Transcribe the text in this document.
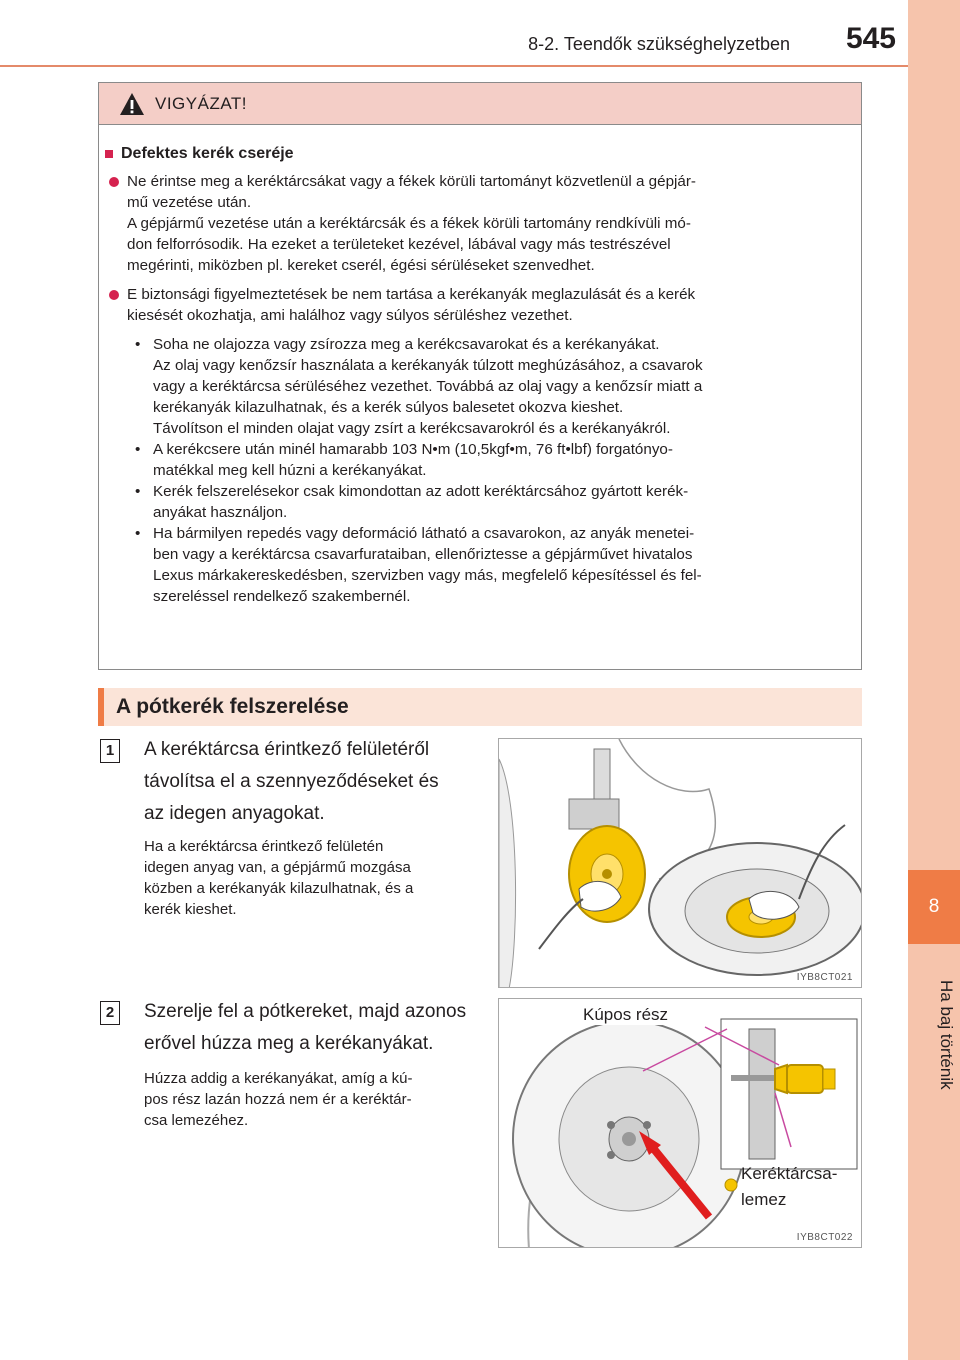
8-2. Teendők szükséghelyzetben	545
8
Ha baj történik
VIGYÁZAT!
Defektes kerék cseréje
Ne érintse meg a keréktárcsákat vagy a fékek körüli tartományt közvetlenül a gépjár-
mű vezetése után.
A gépjármű vezetése után a keréktárcsák és a fékek körüli tartomány rendkívüli mó-
don felforrósodik. Ha ezeket a területeket kezével, lábával vagy más testrészével
megérinti, miközben pl. kereket cserél, égési sérüléseket szenvedhet.
E biztonsági figyelmeztetések be nem tartása a kerékanyák meglazulását és a kerék
kiesését okozhatja, ami halálhoz vagy súlyos sérüléshez vezethet.
• Soha ne olajozza vagy zsírozza meg a kerékcsavarokat és a kerékanyákat.
Az olaj vagy kenőzsír használata a kerékanyák túlzott meghúzásához, a csavarok
vagy a keréktárcsa sérüléséhez vezethet. Továbbá az olaj vagy a kenőzsír miatt a
kerékanyák kilazulhatnak, és a kerék súlyos balesetet okozva kieshet.
Távolítson el minden olajat vagy zsírt a kerékcsavarokról és a kerékanyákról.
• A kerékcsere után minél hamarabb 103 N•m (10,5kgf•m, 76 ft•lbf) forgatónyo-
matékkal meg kell húzni a kerékanyákat.
• Kerék felszerelésekor csak kimondottan az adott keréktárcsához gyártott kerék-
anyákat használjon.
• Ha bármilyen repedés vagy deformáció látható a csavarokon, az anyák menetei-
ben vagy a keréktárcsa csavarfurataiban, ellenőriztesse a gépjárművet hivatalos
Lexus márkakereskedésben, szervizben vagy más, megfelelő képesítéssel és fel-
szereléssel rendelkező szakembernél.
A pótkerék felszerelése
1	A keréktárcsa érintkező felületéről
távolítsa el a szennyeződéseket és
az idegen anyagokat.
Ha a keréktárcsa érintkező felületén
idegen anyag van, a gépjármű mozgása
közben a kerékanyák kilazulhatnak, és a
kerék kieshet.
IYB8CT021
2	Szerelje fel a pótkereket, majd azonos
erővel húzza meg a kerékanyákat.
Húzza addig a kerékanyákat, amíg a kú-
pos rész lazán hozzá nem ér a keréktár-
csa lemezéhez.
Kúpos rész
Keréktárcsa-
lemez
IYB8CT022
